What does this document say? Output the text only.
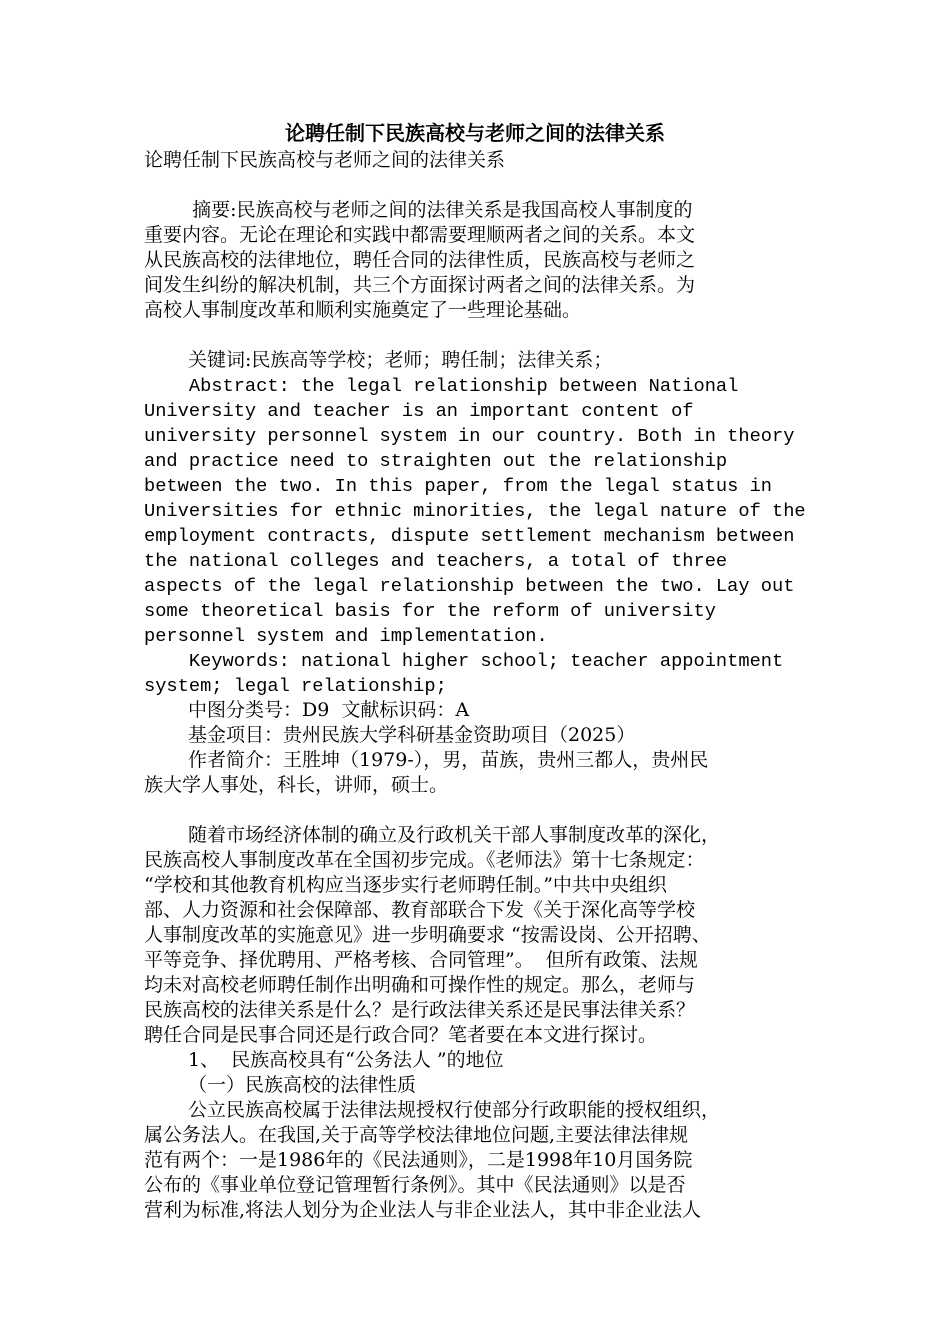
论聘任制下民族高校与老师之间的法律关系
论聘任制下民族高校与老师之间的法律关系
摘要:民族高校与老师之间的法律关系是我国高校人事制度的
重要内容。无论在理论和实践中都需要理顺两者之间的关系。本文
从民族高校的法律地位，聘任合同的法律性质，民族高校与老师之
间发生纠纷的解决机制，共三个方面探讨两者之间的法律关系。为
高校人事制度改革和顺利实施奠定了一些理论基础。
关键词:民族高等学校；老师；聘任制；法律关系；
Abstract: the legal relationship between National
University and teacher is an important content of
university personnel system in our country. Both in theory
and practice need to straighten out the relationship
between the two. In this paper, from the legal status in
Universities for ethnic minorities, the legal nature of the
employment contracts, dispute settlement mechanism between
the national colleges and teachers, a total of three
aspects of the legal relationship between the two. Lay out
some theoretical basis for the reform of university
personnel system and implementation.
Keywords: national higher school; teacher appointment
system; legal relationship;
中图分类号：D9  文献标识码：A
基金项目：贵州民族大学科研基金资助项目（2025）
作者简介：王胜坤（1979-），男，苗族，贵州三都人，贵州民
族大学人事处，科长，讲师，硕士。
随着市场经济体制的确立及行政机关干部人事制度改革的深化，
民族高校人事制度改革在全国初步完成。《老师法》第十七条规定：
“学校和其他教育机构应当逐步实行老师聘任制。”中共中央组织
部、人力资源和社会保障部、教育部联合下发《关于深化高等学校
人事制度改革的实施意见》进一步明确要求 “按需设岗、公开招聘、
平等竞争、择优聘用、严格考核、合同管理”。  但所有政策、法规
均未对高校老师聘任制作出明确和可操作性的规定。那么，老师与
民族高校的法律关系是什么？是行政法律关系还是民事法律关系？
聘任合同是民事合同还是行政合同？笔者要在本文进行探讨。
1、  民族高校具有“公务法人 ”的地位
（一）民族高校的法律性质
公立民族高校属于法律法规授权行使部分行政职能的授权组织，
属公务法人。在我国,关于高等学校法律地位问题,主要法律法律规
范有两个：一是1986年的《民法通则》，二是1998年10月国务院
公布的《事业单位登记管理暂行条例》。其中《民法通则》以是否
营利为标准,将法人划分为企业法人与非企业法人，其中非企业法人
